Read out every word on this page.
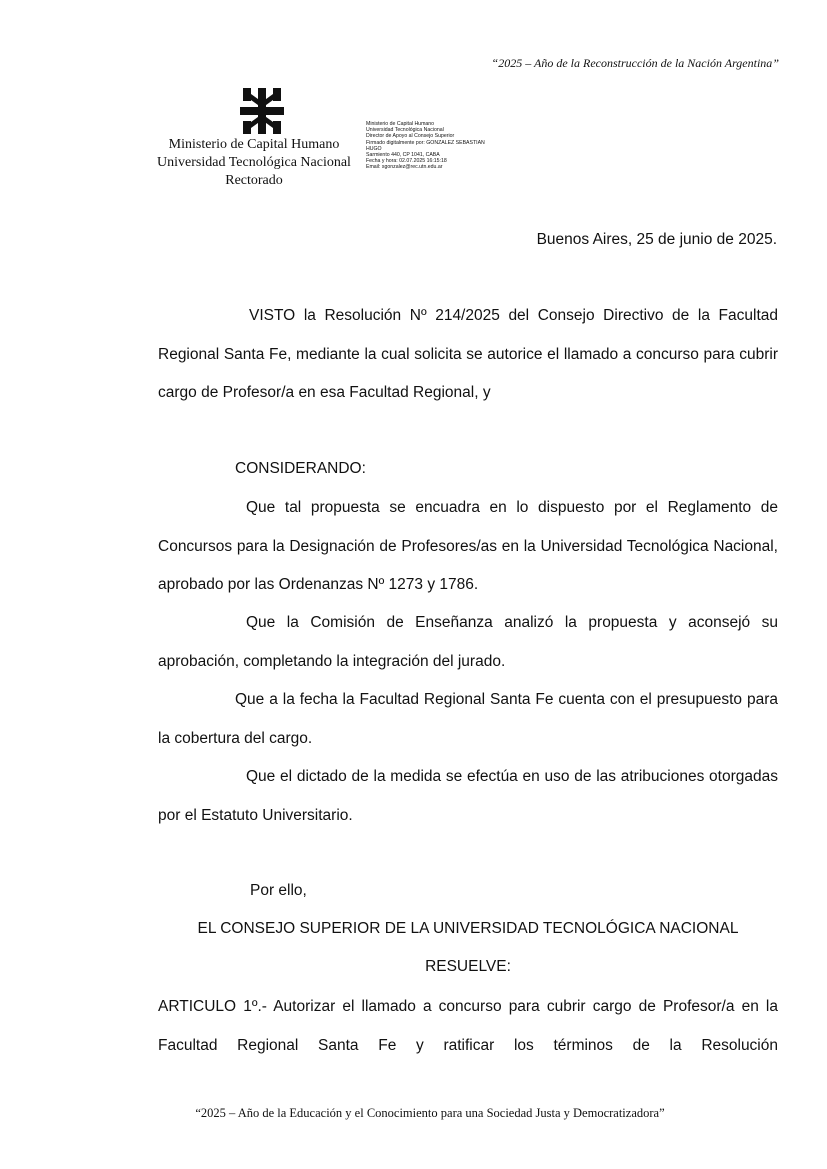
“2025 – Año de la Reconstrucción de la Nación Argentina”
Ministerio de Capital Humano
Universidad Tecnológica Nacional
Rectorado
Ministerio de Capital Humano
Universidad Tecnológica Nacional
Director de Apoyo al Consejo Superior
Firmado digitalmente por: GONZALEZ SEBASTIAN
HUGO
Sarmiento 440, CP 1041, CABA
Fecha y hora: 02.07.2025 16:15:18
Email: sgonzalez@rec.utn.edu.ar
Buenos Aires, 25 de junio de 2025.
VISTO la Resolución Nº 214/2025 del Consejo Directivo de la Facultad Regional Santa Fe, mediante la cual solicita se autorice el llamado a concurso para cubrir cargo de Profesor/a en esa Facultad Regional, y
CONSIDERANDO:
Que tal propuesta se encuadra en lo dispuesto por el Reglamento de Concursos para la Designación de Profesores/as en la Universidad Tecnológica Nacional, aprobado por las Ordenanzas Nº 1273 y 1786.
Que la Comisión de Enseñanza analizó la propuesta y aconsejó su aprobación, completando la integración del jurado.
Que a la fecha la Facultad Regional Santa Fe cuenta con el presupuesto para la cobertura del cargo.
Que el dictado de la medida se efectúa en uso de las atribuciones otorgadas por el Estatuto Universitario.
Por ello,
EL CONSEJO SUPERIOR DE LA UNIVERSIDAD TECNOLÓGICA NACIONAL
RESUELVE:
ARTICULO 1º.- Autorizar el llamado a concurso para cubrir cargo de Profesor/a en la Facultad Regional Santa Fe y ratificar los términos de la Resolución
“2025 – Año de la Educación y el Conocimiento para una Sociedad Justa y Democratizadora”
